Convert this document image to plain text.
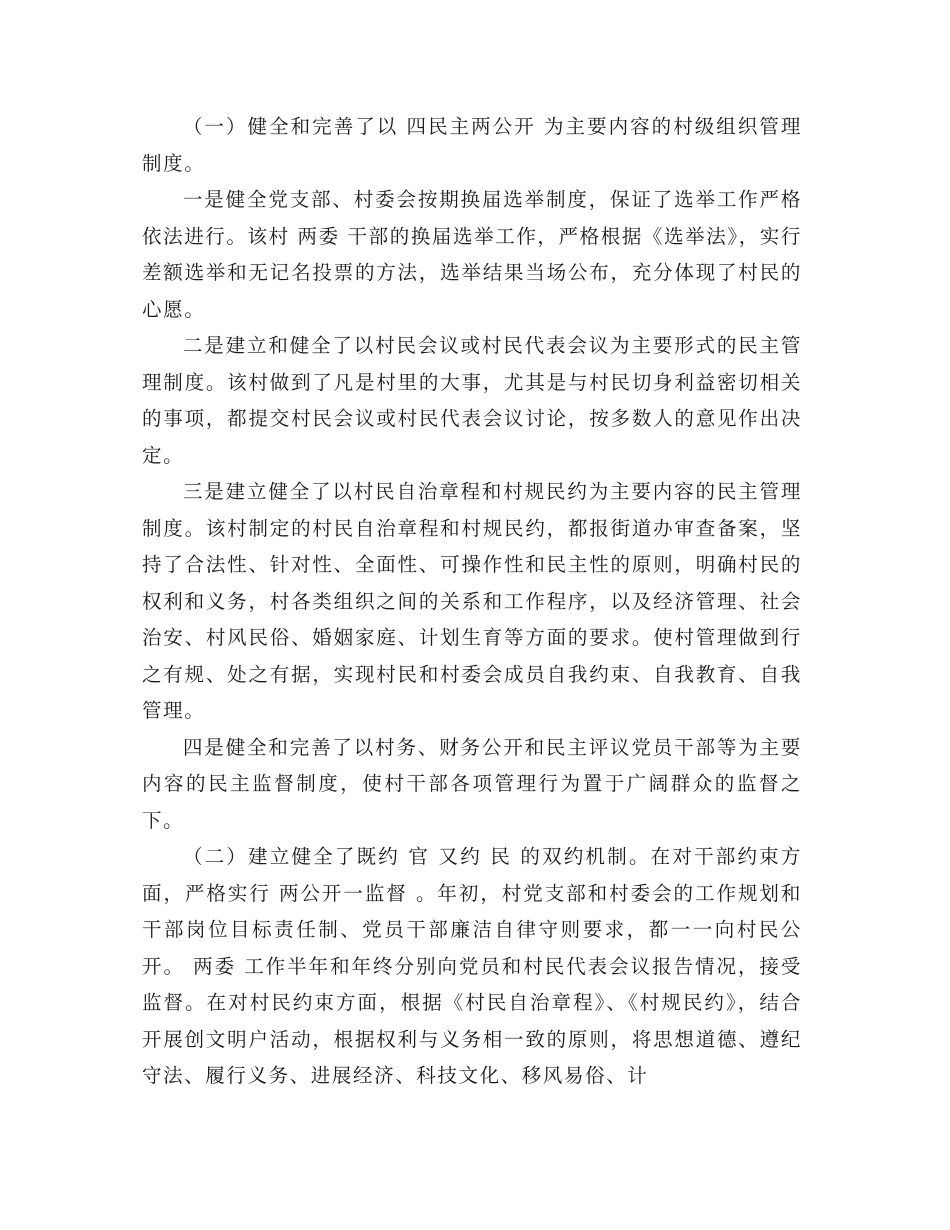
（一）健全和完善了以 四民主两公开 为主要内容的村级组织管理制度。

一是健全党支部、村委会按期换届选举制度，保证了选举工作严格依法进行。该村 两委 干部的换届选举工作，严格根据《选举法》，实行差额选举和无记名投票的方法，选举结果当场公布，充分体现了村民的心愿。

二是建立和健全了以村民会议或村民代表会议为主要形式的民主管理制度。该村做到了凡是村里的大事，尤其是与村民切身利益密切相关的事项，都提交村民会议或村民代表会议讨论，按多数人的意见作出决定。

三是建立健全了以村民自治章程和村规民约为主要内容的民主管理制度。该村制定的村民自治章程和村规民约，都报街道办审查备案，坚持了合法性、针对性、全面性、可操作性和民主性的原则，明确村民的权利和义务，村各类组织之间的关系和工作程序，以及经济管理、社会治安、村风民俗、婚姻家庭、计划生育等方面的要求。使村管理做到行之有规、处之有据，实现村民和村委会成员自我约束、自我教育、自我管理。

四是健全和完善了以村务、财务公开和民主评议党员干部等为主要内容的民主监督制度，使村干部各项管理行为置于广阔群众的监督之下。

（二）建立健全了既约 官 又约 民 的双约机制。在对干部约束方面，严格实行 两公开一监督 。年初，村党支部和村委会的工作规划和干部岗位目标责任制、党员干部廉洁自律守则要求，都一一向村民公开。 两委 工作半年和年终分别向党员和村民代表会议报告情况，接受监督。在对村民约束方面，根据《村民自治章程》、《村规民约》，结合开展创文明户活动，根据权利与义务相一致的原则，将思想道德、遵纪守法、履行义务、进展经济、科技文化、移风易俗、计
